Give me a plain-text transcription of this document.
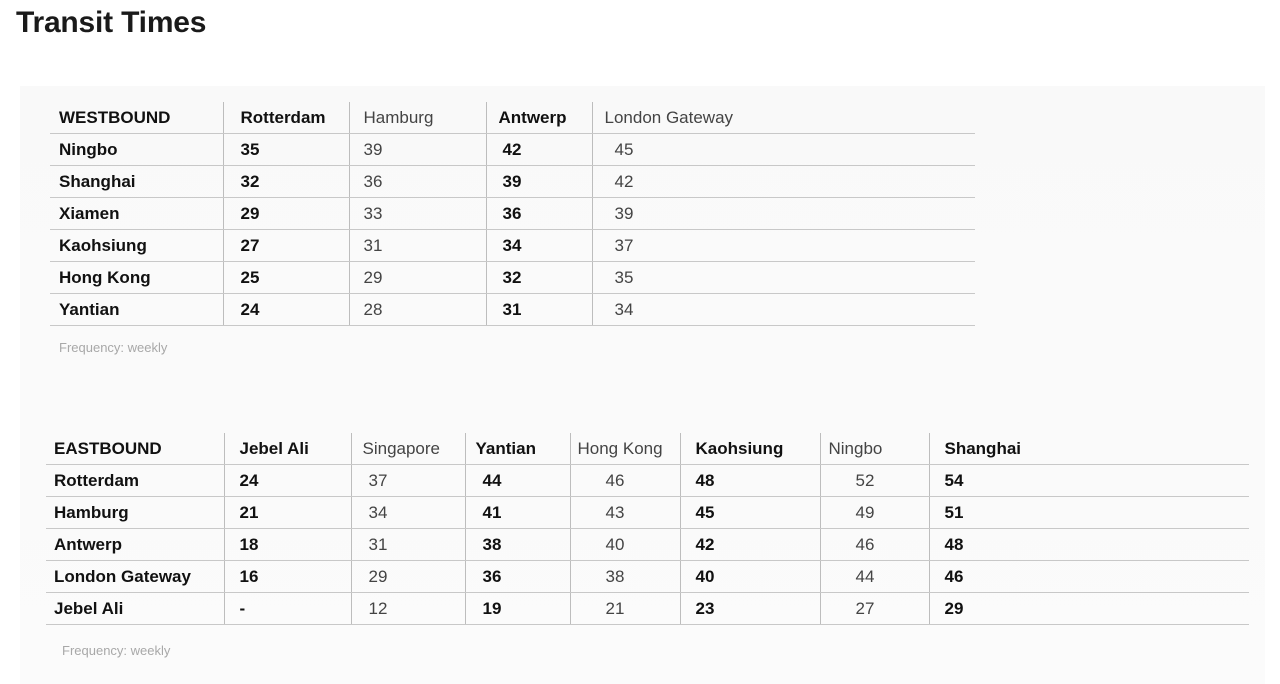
Transit Times
WESTBOUND	Rotterdam	Hamburg	Antwerp	London Gateway
Ningbo	35	39	42	45
Shanghai	32	36	39	42
Xiamen	29	33	36	39
Kaohsiung	27	31	34	37
Hong Kong	25	29	32	35
Yantian	24	28	31	34
Frequency: weekly
EASTBOUND	Jebel Ali	Singapore	Yantian	Hong Kong	Kaohsiung	Ningbo	Shanghai
Rotterdam	24	37	44	46	48	52	54
Hamburg	21	34	41	43	45	49	51
Antwerp	18	31	38	40	42	46	48
London Gateway	16	29	36	38	40	44	46
Jebel Ali	-	12	19	21	23	27	29
Frequency: weekly
